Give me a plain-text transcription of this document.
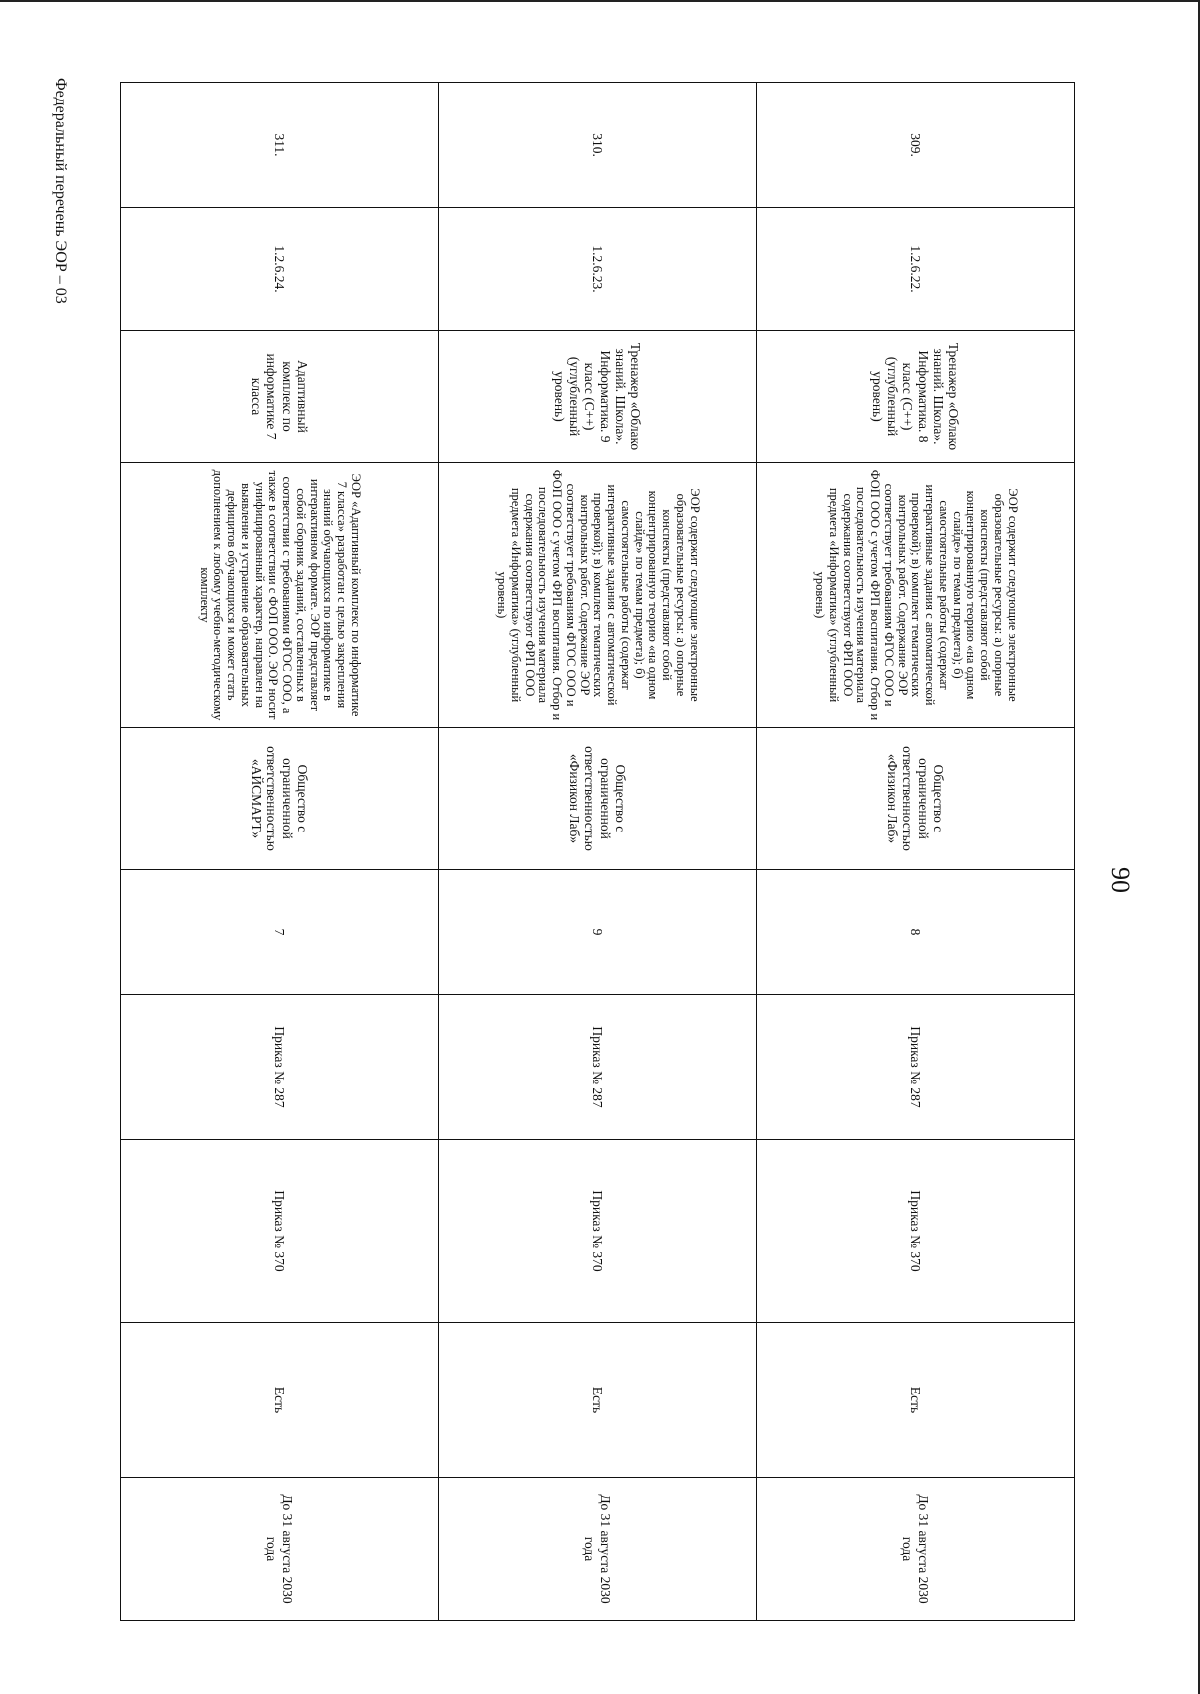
90
Федеральный перечень ЭОР – 03	309.	1.2.6.22.	Тренажер «Облако знаний. Школа». Информатика. 8 класс (С++) (углубленный уровень)	ЭОР содержит следующие электронные образовательные ресурсы: а) опорные конспекты (представляют собой концентрированную теорию «на одном слайде» по темам предмета); б) самостоятельные работы (содержат интерактивные задания с автоматической проверкой); в) комплект тематических контрольных работ. Содержание ЭОР соответствует требованиям ФГОС ООО и ФОП ООО с учетом ФРП воспитания. Отбор и последовательность изучения материала содержания соответствуют ФРП ООО предмета «Информатика» (углубленный уровень)	Общество с ограниченной ответственностью «Физикон Лаб»	8	Приказ № 287	Приказ № 370	Есть	До 31 августа 2030 года
310.	1.2.6.23.	Тренажер «Облако знаний. Школа». Информатика. 9 класс (С++) (углубленный уровень)	ЭОР содержит следующие электронные образовательные ресурсы: а) опорные конспекты (представляют собой концентрированную теорию «на одном слайде» по темам предмета); б) самостоятельные работы (содержат интерактивные задания с автоматической проверкой); в) комплект тематических контрольных работ. Содержание ЭОР соответствует требованиям ФГОС ООО и ФОП ООО с учетом ФРП воспитания. Отбор и последовательность изучения материала содержания соответствуют ФРП ООО предмета «Информатика» (углубленный уровень)	Общество с ограниченной ответственностью «Физикон Лаб»	9	Приказ № 287	Приказ № 370	Есть	До 31 августа 2030 года
311.	1.2.6.24.	Адаптивный комплекс по информатике 7 класса	ЭОР «Адаптивный комплекс по информатике 7 класса» разработан с целью закрепления знаний обучающихся по информатике в интерактивном формате. ЭОР представляет собой сборник заданий, составленных в соответствии с требованиями ФГОС ООО, а также в соответствии с ФОП ООО. ЭОР носит унифицированный характер, направлен на выявление и устранение образовательных дефицитов обучающихся и может стать дополнением к любому учебно-методическому комплекту	Общество с ограниченной ответственностью «АЙСМАРТ»	7	Приказ № 287	Приказ № 370	Есть	До 31 августа 2030 года
